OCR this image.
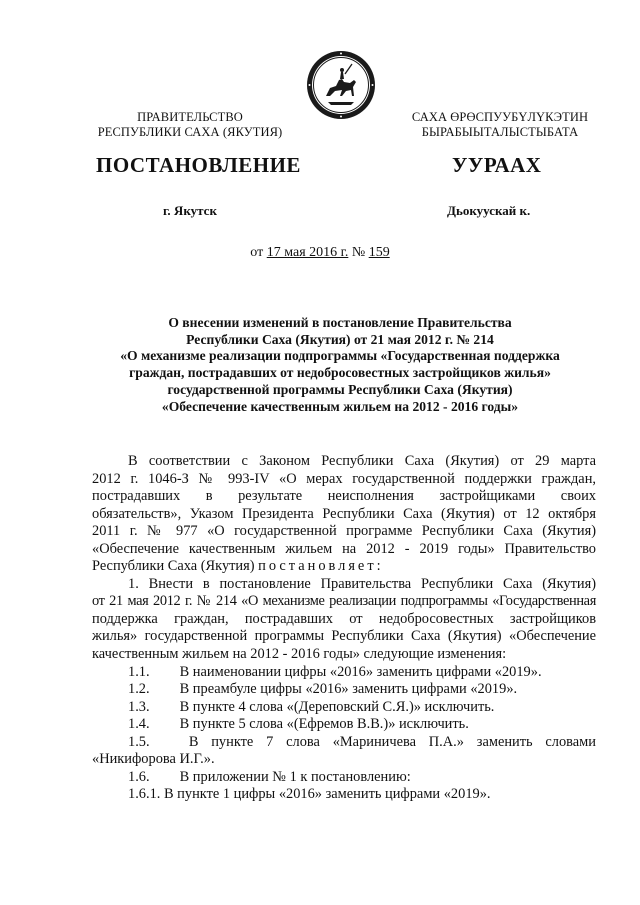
ПРАВИТЕЛЬСТВО
РЕСПУБЛИКИ САХА (ЯКУТИЯ)
САХА ӨРӨСПУУБҮЛҮКЭТИН
БЫРАБЫЫТАЛЫСТЫБАТА
ПОСТАНОВЛЕНИЕ	УУРААХ
г. Якутск	Дьокуускай к.
от 17 мая 2016 г. № 159
О внесении изменений в постановление Правительства
Республики Саха (Якутия) от 21 мая 2012 г. № 214
«О механизме реализации подпрограммы «Государственная поддержка
граждан, пострадавших от недобросовестных застройщиков жилья»
государственной программы Республики Саха (Якутия)
«Обеспечение качественным жильем на 2012 - 2016 годы»

В соответствии с Законом Республики Саха (Якутия) от 29 марта

2012 г. 1046-З № 993-IV «О мерах государственной поддержки граждан,

пострадавших в результате неисполнения застройщиками своих

обязательств», Указом Президента Республики Саха (Якутия) от 12 октября

2011 г. № 977 «О государственной программе Республики Саха (Якутия)

«Обеспечение качественным жильем на 2012 - 2019 годы» Правительство

Республики Саха (Якутия) постановляет:

1. Внести в постановление Правительства Республики Саха (Якутия)

от 21 мая 2012 г. № 214 «О механизме реализации подпрограммы «Государственная

поддержка граждан, пострадавших от недобросовестных застройщиков

жилья» государственной программы Республики Саха (Якутия) «Обеспечение

качественным жильем на 2012 - 2016 годы» следующие изменения:

1.1. В наименовании цифры «2016» заменить цифрами «2019».

1.2. В преамбуле цифры «2016» заменить цифрами «2019».

1.3. В пункте 4 слова «(Дереповский С.Я.)» исключить.

1.4. В пункте 5 слова «(Ефремов В.В.)» исключить.

1.5.	В пункте 7 слова «Мариничева П.А.» заменить словами

«Никифорова И.Г.».

1.6. В приложении № 1 к постановлению:

1.6.1. В пункте 1 цифры «2016» заменить цифрами «2019».
